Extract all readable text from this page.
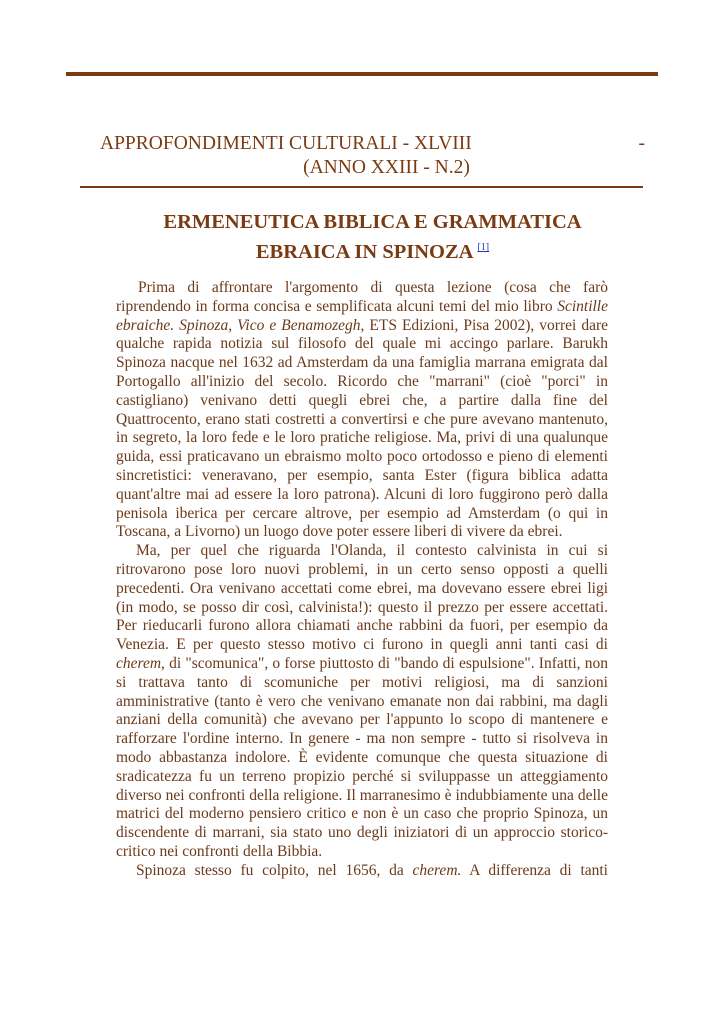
APPROFONDIMENTI CULTURALI - XLVIII	-
(ANNO XXIII - N.2)
ERMENEUTICA BIBLICA E GRAMMATICA
EBRAICA IN SPINOZA [1]

Prima di affrontare l'argomento di questa lezione (cosa che farò riprendendo in forma concisa e semplificata alcuni temi del mio libro Scintille ebraiche. Spinoza, Vico e Benamozegh, ETS Edizioni, Pisa 2002), vorrei dare qualche rapida notizia sul filosofo del quale mi accingo parlare. Barukh Spinoza nacque nel 1632 ad Amsterdam da una famiglia marrana emigrata dal Portogallo all'inizio del secolo. Ricordo che "marrani" (cioè "porci" in castigliano) venivano detti quegli ebrei che, a partire dalla fine del Quattrocento, erano stati costretti a convertirsi e che pure avevano mantenuto, in segreto, la loro fede e le loro pratiche religiose. Ma, privi di una qualunque guida, essi praticavano un ebraismo molto poco ortodosso e pieno di elementi sincretistici: veneravano, per esempio, santa Ester (figura biblica adatta quant'altre mai ad essere la loro patrona). Alcuni di loro fuggirono però dalla penisola iberica per cercare altrove, per esempio ad Amsterdam (o qui in Toscana, a Livorno) un luogo dove poter essere liberi di vivere da ebrei.

Ma, per quel che riguarda l'Olanda, il contesto calvinista in cui si ritrovarono pose loro nuovi problemi, in un certo senso opposti a quelli precedenti. Ora venivano accettati come ebrei, ma dovevano essere ebrei ligi (in modo, se posso dir così, calvinista!): questo il prezzo per essere accettati. Per rieducarli furono allora chiamati anche rabbini da fuori, per esempio da Venezia. E per questo stesso motivo ci furono in quegli anni tanti casi di cherem, di "scomunica", o forse piuttosto di "bando di espulsione". Infatti, non si trattava tanto di scomuniche per motivi religiosi, ma di sanzioni amministrative (tanto è vero che venivano emanate non dai rabbini, ma dagli anziani della comunità) che avevano per l'appunto lo scopo di mantenere e rafforzare l'ordine interno. In genere - ma non sempre - tutto si risolveva in modo abbastanza indolore. È evidente comunque che questa situazione di sradicatezza fu un terreno propizio perché si sviluppasse un atteggiamento diverso nei confronti della religione. Il marranesimo è indubbiamente una delle matrici del moderno pensiero critico e non è un caso che proprio Spinoza, un discendente di marrani, sia stato uno degli iniziatori di un approccio storico-critico nei confronti della Bibbia.

Spinoza stesso fu colpito, nel 1656, da cherem. A differenza di tanti
